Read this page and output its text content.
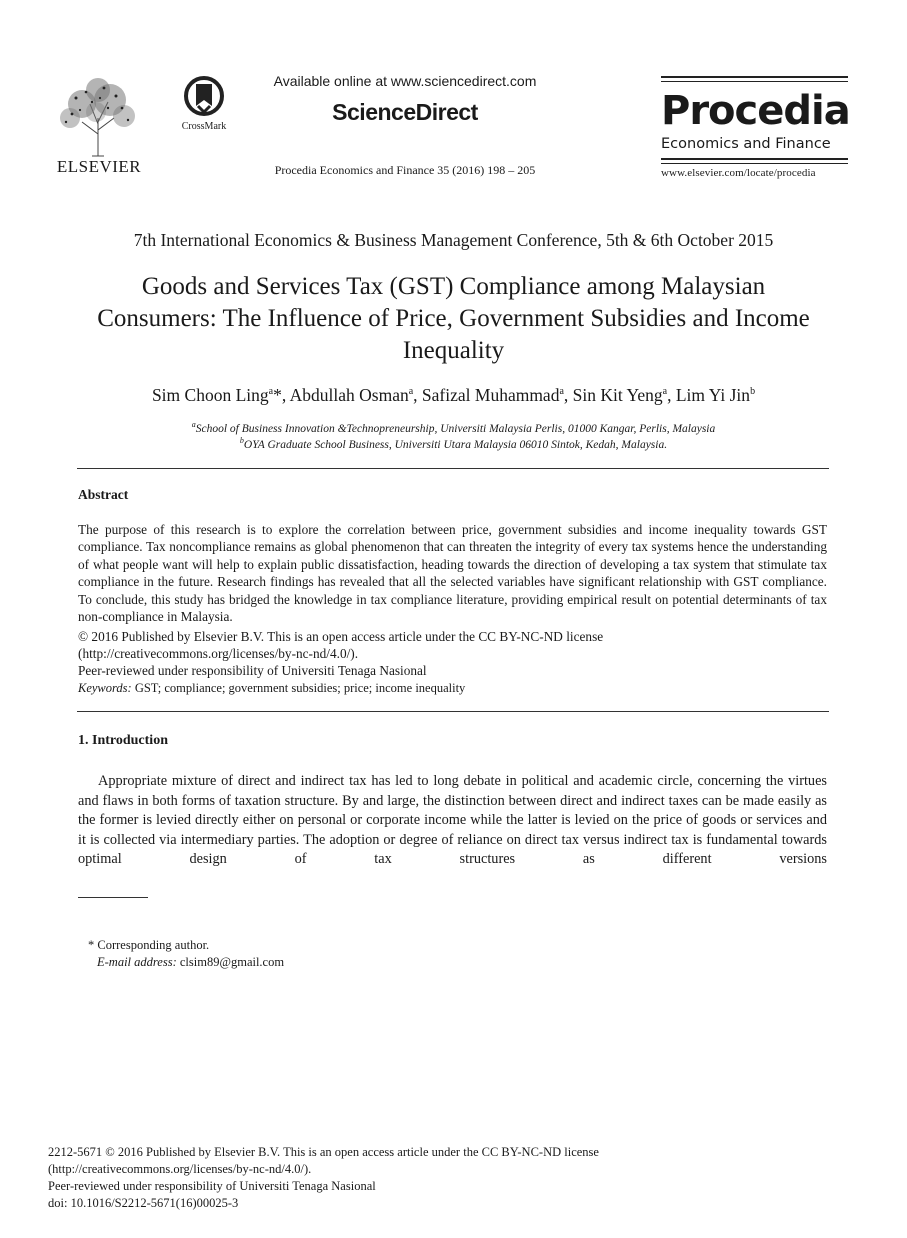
ELSEVIER
CrossMark
Available online at www.sciencedirect.com
ScienceDirect
Procedia Economics and Finance 35 (2016) 198 – 205
Procedia
Economics and Finance
www.elsevier.com/locate/procedia
7th International Economics & Business Management Conference, 5th & 6th October 2015
Goods and Services Tax (GST) Compliance among Malaysian Consumers: The Influence of Price, Government Subsidies and Income Inequality
Sim Choon Ling$^a$*, Abdullah Osman$^a$, Safizal Muhammad$^a$, Sin Kit Yeng$^a$, Lim Yi Jin$^b$
$^a$School of Business Innovation &Technopreneurship, Universiti Malaysia Perlis, 01000 Kangar, Perlis, Malaysia
$^b$OYA Graduate School Business, Universiti Utara Malaysia 06010 Sintok, Kedah, Malaysia.
Abstract
The purpose of this research is to explore the correlation between price, government subsidies and income inequality towards GST compliance. Tax noncompliance remains as global phenomenon that can threaten the integrity of every tax systems hence the understanding of what people want will help to explain public dissatisfaction, heading towards the direction of developing a tax system that stimulate tax compliance in the future. Research findings has revealed that all the selected variables have significant relationship with GST compliance. To conclude, this study has bridged the knowledge in tax compliance literature, providing empirical result on potential determinants of tax non-compliance in Malaysia.
© 2016 Published by Elsevier B.V. This is an open access article under the CC BY-NC-ND license
(http://creativecommons.org/licenses/by-nc-nd/4.0/).
Peer-reviewed under responsibility of Universiti Tenaga Nasional
Keywords: GST; compliance; government subsidies; price; income inequality
1. Introduction
Appropriate mixture of direct and indirect tax has led to long debate in political and academic circle, concerning the virtues and flaws in both forms of taxation structure. By and large, the distinction between direct and indirect taxes can be made easily as the former is levied directly either on personal or corporate income while the latter is levied on the price of goods or services and it is collected via intermediary parties. The adoption or degree of reliance on direct tax versus indirect tax is fundamental towards optimal design of tax structures as different versions
* Corresponding author.
E-mail address: clsim89@gmail.com
2212-5671 © 2016 Published by Elsevier B.V. This is an open access article under the CC BY-NC-ND license
(http://creativecommons.org/licenses/by-nc-nd/4.0/).
Peer-reviewed under responsibility of Universiti Tenaga Nasional
doi: 10.1016/S2212-5671(16)00025-3
